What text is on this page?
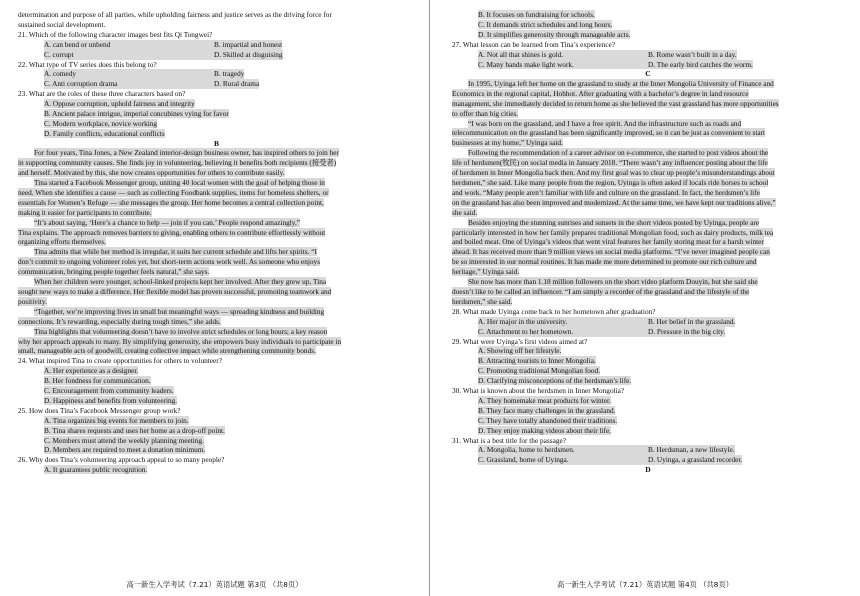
determination and purpose of all parties, while upholding fairness and justice serves as the driving force for
sustained social development.
21. Which of the following character images best fits Qi Tongwei?
A. can bend or unbend	B. impartial and honest
C. corrupt	D. Skilled at disguising
22. What type of TV series does this belong to?
A. comedy	B. tragedy
C. Anti corruption drama	D. Rural drama
23. What are the roles of these three characters based on?
A. Oppose corruption, uphold fairness and integrity
B. Ancient palace intrigue, imperial concubines vying for favor
C. Modern workplace, novice working
D. Family conflicts, educational conflicts
B
For four years, Tina Jones, a New Zealand interior-design business owner, has inspired others to join her
in supporting community causes. She finds joy in volunteering, believing it benefits both recipients (接受者)
and herself. Motivated by this, she now creates opportunities for others to contribute easily.
Tina started a Facebook Messenger group, uniting 40 local women with the goal of helping those in
need. When she identifies a cause — such as collecting Foodbank supplies, items for homeless shelters, or
essentials for Women’s Refuge — she messages the group. Her home becomes a central collection point,
making it easier for participants to contribute.
“It’s about saying, ‘Here’s a chance to help — join if you can.’ People respond amazingly,”
Tina explains. The approach removes barriers to giving, enabling others to contribute effortlessly without
organizing efforts themselves.
Tina admits that while her method is irregular, it suits her current schedule and lifts her spirits. “I
don’t commit to ongoing volunteer roles yet, but short-term actions work well. As someone who enjoys
communication, bringing people together feels natural,” she says.
When her children were younger, school-linked projects kept her involved. After they grew up, Tina
sought new ways to make a difference. Her flexible model has proven successful, promoting teamwork and
positivity.
“Together, we’re improving lives in small but meaningful ways — spreading kindness and building
connections. It’s rewarding, especially during tough times,” she adds.
Tina highlights that volunteering doesn’t have to involve strict schedules or long hours; a key reason
why her approach appeals to many. By simplifying generosity, she empowers busy individuals to participate in
small, manageable acts of goodwill, creating collective impact while strengthening community bonds.
24. What inspired Tina to create opportunities for others to volunteer?
A. Her experience as a designer.
B. Her fondness for communication.
C. Encouragement from community leaders.
D. Happiness and benefits from volunteering.
25. How does Tina’s Facebook Messenger group work?
A. Tina organizes big events for members to join.
B. Tina shares requests and uses her home as a drop-off point.
C. Members must attend the weekly planning meeting.
D. Members are required to meet a donation minimum.
26. Why does Tina’s volunteering approach appeal to so many people?
A. It guarantees public recognition.
高一新生入学考试（7.21）英语试题 第3页 （共8页）
B. It focuses on fundraising for schools.
C. It demands strict schedules and long hours.
D. It simplifies generosity through manageable acts.
27. What lesson can be learned from Tina’s experience?
A. Not all that shines is gold.	B. Rome wasn’t built in a day.
C. Many hands make light work.	D. The early bird catches the worm.
C
In 1995, Uyinga left her home on the grassland to study at the Inner Mongolia University of Finance and
Economics in the regional capital, Hohhot. After graduating with a bachelor’s degree in land resource
management, she immediately decided to return home as she believed the vast grassland has more opportunities
to offer than big cities.
“I was born on the grassland, and I have a free spirit. And the infrastructure such as roads and
telecommunication on the grassland has been significantly improved, so it can be just as convenient to start
businesses at my home,” Uyinga said.
Following the recommendation of a career advisor on e-commerce, she started to post videos about the
life of herdsmen(牧民) on social media in January 2018. “There wasn’t any influencer posting about the life
of herdsmen in Inner Mongolia back then. And my first goal was to clear up people’s misunderstandings about
herdsmen,” she said. Like many people from the region, Uyinga is often asked if locals ride horses to school
and work. “Many people aren’t familiar with life and culture on the grassland. In fact, the herdsmen’s life
on the grassland has also been improved and modernized. At the same time, we have kept our traditions alive,”
she said.
Besides enjoying the stunning sunrises and sunsets in the short videos posted by Uyinga, people are
particularly interested in how her family prepares traditional Mongolian food, such as dairy products, milk tea
and boiled meat. One of Uyinga’s videos that went viral features her family storing meat for a harsh winter
ahead. It has received more than 9 million views on social media platforms. “I’ve never imagined people can
be so interested in our normal routines. It has made me more determined to promote our rich culture and
heritage,” Uyinga said.
She now has more than 1.18 million followers on the short video platform Douyin, but she said she
doesn’t like to be called an influencer. “I am simply a recorder of the grassland and the lifestyle of the
herdsmen,” she said.
28. What made Uyinga come back to her hometown after graduation?
A. Her major in the university.	B. Her belief in the grassland.
C. Attachment to her hometown.	D. Pressure in the big city.
29. What were Uyinga’s first videos aimed at?
A. Showing off her lifestyle.
B. Attracting tourists to Inner Mongolia.
C. Promoting traditional Mongolian food.
D. Clarifying misconceptions of the herdsman’s life.
30. What is known about the herdsmen in Inner Mongolia?
A. They homemake meat products for winter.
B. They face many challenges in the grassland.
C. They have totally abandoned their traditions.
D. They enjoy making videos about their life.
31. What is a best title for the passage?
A. Mongolia, home to herdsmen.	B. Herdsman, a new lifestyle.
C. Grassland, home of Uyinga.	D. Uyinga, a grassland recorder.
D
高一新生入学考试（7.21）英语试题 第4页 （共8页）
